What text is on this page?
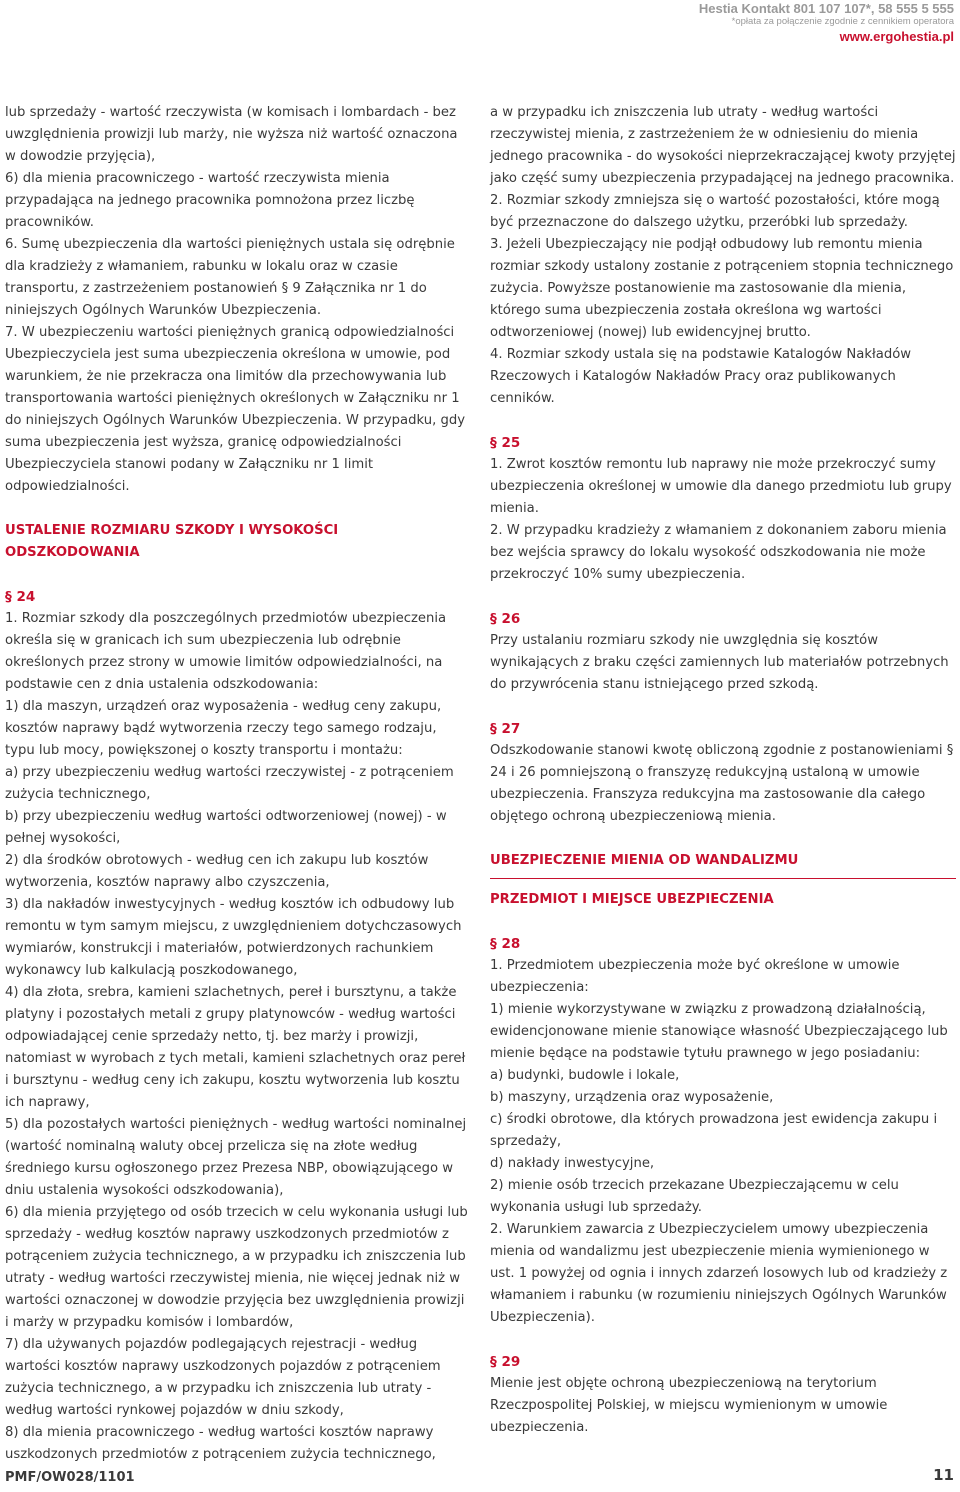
Hestia Kontakt 801 107 107*, 58 555 5 555
*opłata za połączenie zgodnie z cennikiem operatora
www.ergohestia.pl

lub sprzedaży - wartość rzeczywista (w komisach i lombardach - bez uwzględnienia prowizji lub marży, nie wyższa niż wartość oznaczona w dowodzie przyjęcia),

6) dla mienia pracowniczego - wartość rzeczywista mienia przypadająca na jednego pracownika pomnożona przez liczbę pracowników.

6. Sumę ubezpieczenia dla wartości pieniężnych ustala się odrębnie dla kradzieży z włamaniem, rabunku w lokalu oraz w czasie transportu, z zastrzeżeniem postanowień § 9 Załącznika nr 1 do niniejszych Ogólnych Warunków Ubezpieczenia.

7. W ubezpieczeniu wartości pieniężnych granicą odpowiedzialności Ubezpieczyciela jest suma ubezpieczenia określona w umowie, pod warunkiem, że nie przekracza ona limitów dla przechowywania lub transportowania wartości pieniężnych określonych w Załączniku nr 1 do niniejszych Ogólnych Warunków Ubezpieczenia. W przypadku, gdy suma ubezpieczenia jest wyższa, granicę odpowiedzialności Ubezpieczyciela stanowi podany w Załączniku nr 1 limit odpowiedzialności.

USTALENIE ROZMIARU SZKODY I WYSOKOŚCI ODSZKODOWANIA

§ 24

1. Rozmiar szkody dla poszczególnych przedmiotów ubezpieczenia określa się w granicach ich sum ubezpieczenia lub odrębnie określonych przez strony w umowie limitów odpowiedzialności, na podstawie cen z dnia ustalenia odszkodowania:

1) dla maszyn, urządzeń oraz wyposażenia - według ceny zakupu, kosztów naprawy bądź wytworzenia rzeczy tego samego rodzaju, typu lub mocy, powiększonej o koszty transportu i montażu:

a) przy ubezpieczeniu według wartości rzeczywistej - z potrąceniem zużycia technicznego,

b) przy ubezpieczeniu według wartości odtworzeniowej (nowej) - w pełnej wysokości,

2) dla środków obrotowych - według cen ich zakupu lub kosztów wytworzenia, kosztów naprawy albo czyszczenia,

3) dla nakładów inwestycyjnych - według kosztów ich odbudowy lub remontu w tym samym miejscu, z uwzględnieniem dotychczasowych wymiarów, konstrukcji i materiałów, potwierdzonych rachunkiem wykonawcy lub kalkulacją poszkodowanego,

4) dla złota, srebra, kamieni szlachetnych, pereł i bursztynu, a także platyny i pozostałych metali z grupy platynowców - według wartości odpowiadającej cenie sprzedaży netto, tj. bez marży i prowizji, natomiast w wyrobach z tych metali, kamieni szlachetnych oraz pereł i bursztynu - według ceny ich zakupu, kosztu wytworzenia lub kosztu ich naprawy,

5) dla pozostałych wartości pieniężnych - według wartości nominalnej (wartość nominalną waluty obcej przelicza się na złote według średniego kursu ogłoszonego przez Prezesa NBP, obowiązującego w dniu ustalenia wysokości odszkodowania),

6) dla mienia przyjętego od osób trzecich w celu wykonania usługi lub sprzedaży - według kosztów naprawy uszkodzonych przedmiotów z potrąceniem zużycia technicznego, a w przypadku ich zniszczenia lub utraty - według wartości rzeczywistej mienia, nie więcej jednak niż w wartości oznaczonej w dowodzie przyjęcia bez uwzględnienia prowizji i marży w przypadku komisów i lombardów,

7) dla używanych pojazdów podlegających rejestracji - według wartości kosztów naprawy uszkodzonych pojazdów z potrąceniem zużycia technicznego, a w przypadku ich zniszczenia lub utraty - według wartości rynkowej pojazdów w dniu szkody,

8) dla mienia pracowniczego - według wartości kosztów naprawy uszkodzonych przedmiotów z potrąceniem zużycia technicznego,

a w przypadku ich zniszczenia lub utraty - według wartości rzeczywistej mienia, z zastrzeżeniem że w odniesieniu do mienia jednego pracownika - do wysokości nieprzekraczającej kwoty przyjętej jako część sumy ubezpieczenia przypadającej na jednego pracownika.

2. Rozmiar szkody zmniejsza się o wartość pozostałości, które mogą być przeznaczone do dalszego użytku, przeróbki lub sprzedaży.

3. Jeżeli Ubezpieczający nie podjął odbudowy lub remontu mienia rozmiar szkody ustalony zostanie z potrąceniem stopnia technicznego zużycia. Powyższe postanowienie ma zastosowanie dla mienia, którego suma ubezpieczenia została określona wg wartości odtworzeniowej (nowej) lub ewidencyjnej brutto.

4. Rozmiar szkody ustala się na podstawie Katalogów Nakładów Rzeczowych i Katalogów Nakładów Pracy oraz publikowanych cenników.

§ 25

1. Zwrot kosztów remontu lub naprawy nie może przekroczyć sumy ubezpieczenia określonej w umowie dla danego przedmiotu lub grupy mienia.

2. W przypadku kradzieży z włamaniem z dokonaniem zaboru mienia bez wejścia sprawcy do lokalu wysokość odszkodowania nie może przekroczyć 10% sumy ubezpieczenia.

§ 26

Przy ustalaniu rozmiaru szkody nie uwzględnia się kosztów wynikających z braku części zamiennych lub materiałów potrzebnych do przywrócenia stanu istniejącego przed szkodą.

§ 27

Odszkodowanie stanowi kwotę obliczoną zgodnie z postanowieniami § 24 i 26 pomniejszoną o franszyzę redukcyjną ustaloną w umowie ubezpieczenia. Franszyza redukcyjna ma zastosowanie dla całego objętego ochroną ubezpieczeniową mienia.

UBEZPIECZENIE MIENIA OD WANDALIZMU

PRZEDMIOT I MIEJSCE UBEZPIECZENIA

§ 28

1. Przedmiotem ubezpieczenia może być określone w umowie ubezpieczenia:

1) mienie wykorzystywane w związku z prowadzoną działalnością, ewidencjonowane mienie stanowiące własność Ubezpieczającego lub mienie będące na podstawie tytułu prawnego w jego posiadaniu:

a) budynki, budowle i lokale,

b) maszyny, urządzenia oraz wyposażenie,

c) środki obrotowe, dla których prowadzona jest ewidencja zakupu i sprzedaży,

d) nakłady inwestycyjne,

2) mienie osób trzecich przekazane Ubezpieczającemu w celu wykonania usługi lub sprzedaży.

2. Warunkiem zawarcia z Ubezpieczycielem umowy ubezpieczenia mienia od wandalizmu jest ubezpieczenie mienia wymienionego w ust. 1 powyżej od ognia i innych zdarzeń losowych lub od kradzieży z włamaniem i rabunku (w rozumieniu niniejszych Ogólnych Warunków Ubezpieczenia).

§ 29

Mienie jest objęte ochroną ubezpieczeniową na terytorium Rzeczpospolitej Polskiej, w miejscu wymienionym w umowie ubezpieczenia.

PMF/OW028/1101	11
